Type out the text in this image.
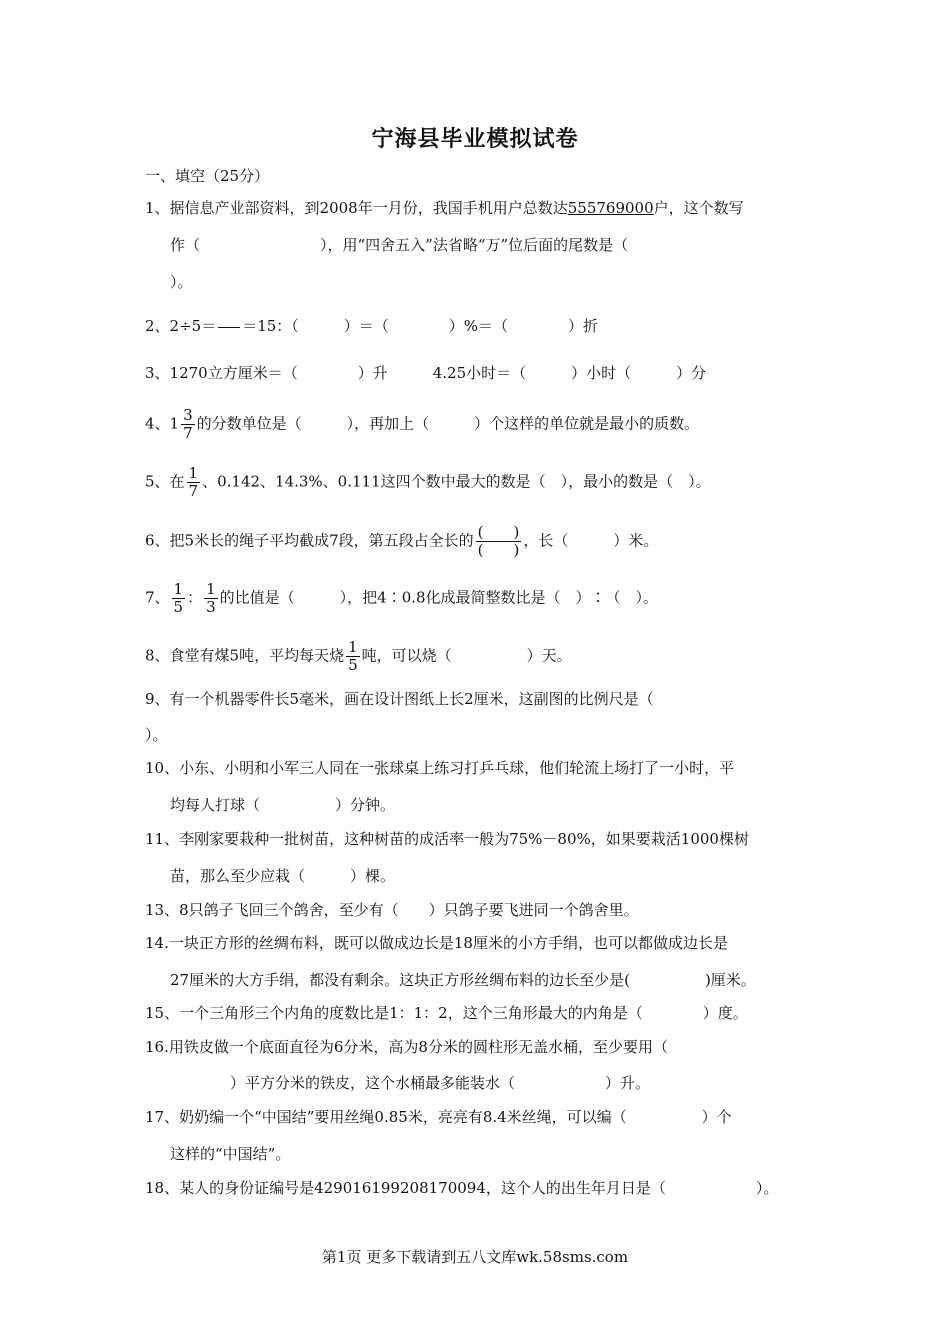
宁海县毕业模拟试卷
一、填空（25分）
1、据信息产业部资料，到2008年一月份，我国手机用户总数达555769000户，这个数写
作（　　　　　　　　），用“四舍五入”法省略“万”位后面的尾数是（
）。
2、2÷5＝ ＝15：（　　　）＝（　　　　）%＝（　　　　）折
3、1270立方厘米＝（　　　　）升　　　4.25小时＝（　　　）小时（　　　）分
4、$1 \frac{3}{7}$ 的分数单位是（　　　），再加上（　　　）个这样的单位就是最小的质数。
5、在 $\frac{1}{7}$ 、0.142、14.3%、0.111这四个数中最大的数是（　），最小的数是（　）。
6、把5米长的绳子平均截成7段，第五段占全长的 $\frac{( )}{( )}$ ，长（　　　）米。
7、 $\frac{1}{5}$ ： $\frac{1}{3}$ 的比值是（　　　），把4∶0.8化成最简整数比是（　）∶（　）。
8、食堂有煤5吨，平均每天烧 $\frac{1}{5}$ 吨，可以烧（　　　　　）天。
9、有一个机器零件长5毫米，画在设计图纸上长2厘米，这副图的比例尺是（
）。
10、小东、小明和小军三人同在一张球桌上练习打乒乓球，他们轮流上场打了一小时，平
均每人打球（　　　　　）分钟。
11、李刚家要栽种一批树苗，这种树苗的成活率一般为75%－80%，如果要栽活1000棵树
苗，那么至少应栽（　　　）棵。
13、8只鸽子飞回三个鸽舍，至少有（　　）只鸽子要飞进同一个鸽舍里。
14.一块正方形的丝绸布料，既可以做成边长是18厘米的小方手绢，也可以都做成边长是
27厘米的大方手绢，都没有剩余。这块正方形丝绸布料的边长至少是(　　　　　)厘米。
15、一个三角形三个内角的度数比是1：1：2，这个三角形最大的内角是（　　　　）度。
16.用铁皮做一个底面直径为6分米，高为8分米的圆柱形无盖水桶，至少要用（
）平方分米的铁皮，这个水桶最多能装水（　　　　　　）升。
17、奶奶编一个“中国结”要用丝绳0.85米，亮亮有8.4米丝绳，可以编（　　　　　）个
这样的“中国结”。
18、某人的身份证编号是429016199208170094，这个人的出生年月日是（　　　　　　）。
第1页 更多下载请到五八文库wk.58sms.com
